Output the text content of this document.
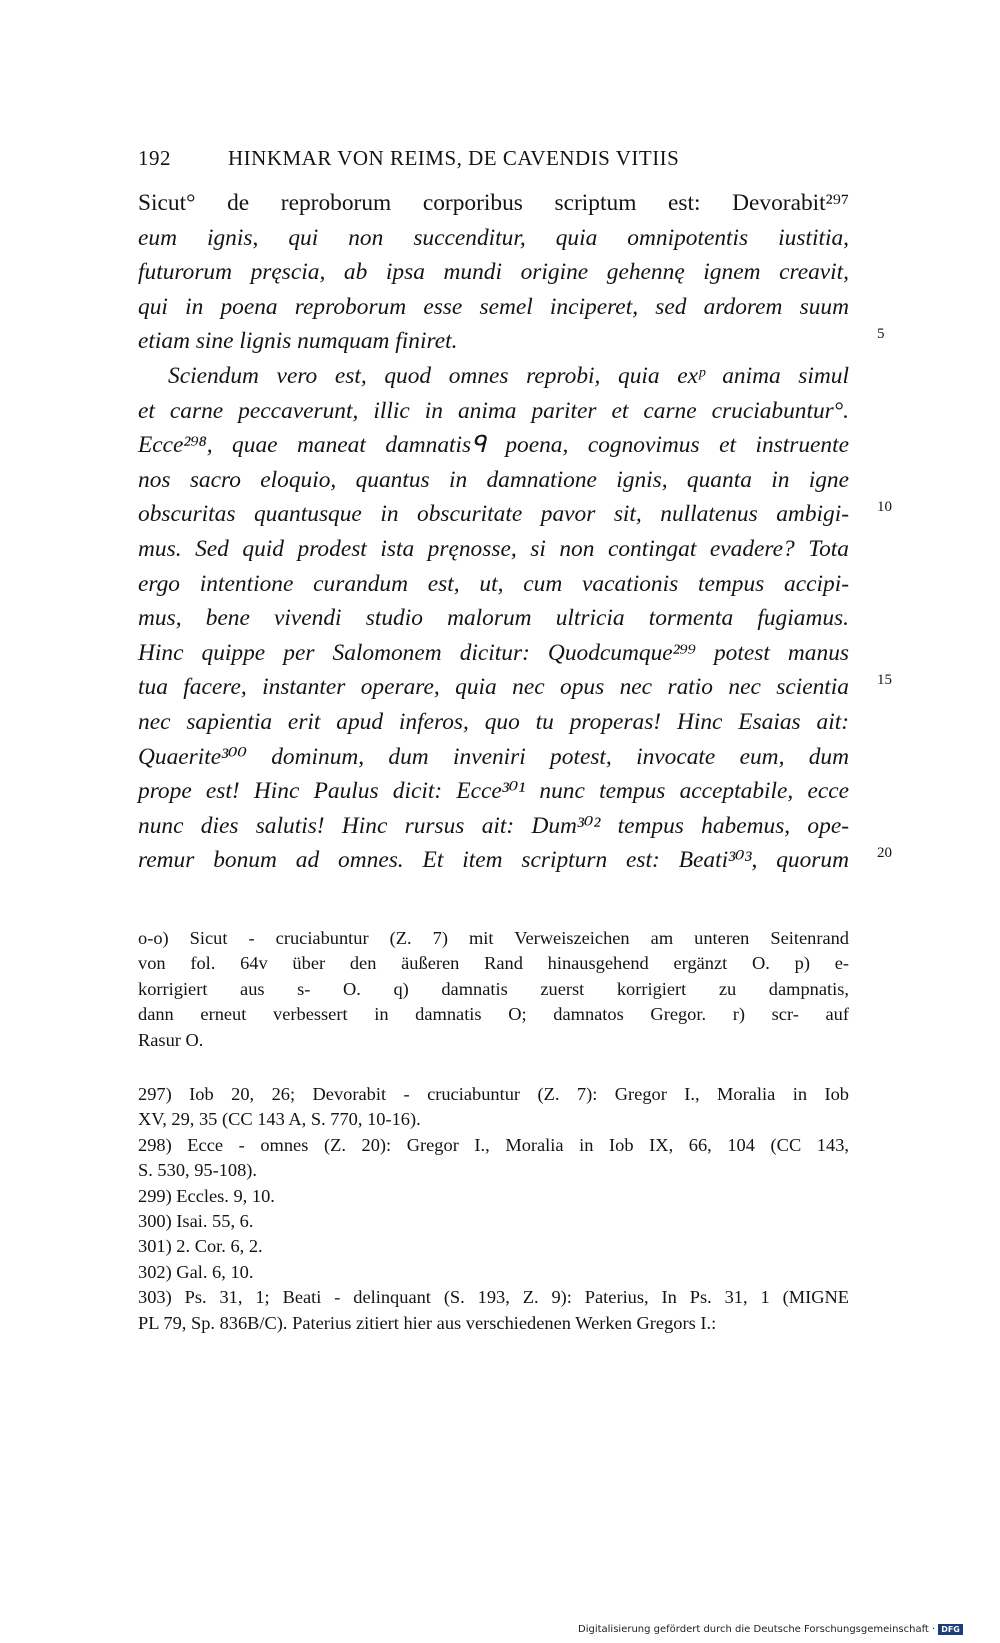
192	HINKMAR VON REIMS, DE CAVENDIS VITIIS
Sicut° de reproborum corporibus scriptum est: Devorabit²⁹⁷
eum ignis, qui non succenditur, quia omnipotentis iustitia,
futurorum pręscia, ab ipsa mundi origine gehennę ignem creavit,
qui in poena reproborum esse semel inciperet, sed ardorem suum
etiam sine lignis numquam finiret.
Sciendum vero est, quod omnes reprobi, quia exᵖ anima simul
et carne peccaverunt, illic in anima pariter et carne cruciabuntur°.
Ecce²⁹⁸, quae maneat damnatisᑫ poena, cognovimus et instruente
nos sacro eloquio, quantus in damnatione ignis, quanta in igne
obscuritas quantusque in obscuritate pavor sit, nullatenus ambigi-
mus. Sed quid prodest ista pręnosse, si non contingat evadere? Tota
ergo intentione curandum est, ut, cum vacationis tempus accipi-
mus, bene vivendi studio malorum ultricia tormenta fugiamus.
Hinc quippe per Salomonem dicitur: Quodcumque²⁹⁹ potest manus
tua facere, instanter operare, quia nec opus nec ratio nec scientia
nec sapientia erit apud inferos, quo tu properas! Hinc Esaias ait:
Quaerite³⁰⁰ dominum, dum inveniri potest, invocate eum, dum
prope est! Hinc Paulus dicit: Ecce³⁰¹ nunc tempus acceptabile, ecce
nunc dies salutis! Hinc rursus ait: Dum³⁰² tempus habemus, ope-
remur bonum ad omnes. Et item scripturn est: Beati³⁰³, quorum
5
10
15
20
o-o) Sicut - cruciabuntur (Z. 7) mit Verweiszeichen am unteren Seitenrand
von fol. 64v über den äußeren Rand hinausgehend ergänzt O. p) e-
korrigiert aus s- O. q) damnatis zuerst korrigiert zu dampnatis,
dann erneut verbessert in damnatis O; damnatos Gregor. r) scr- auf
Rasur O.
297) Iob 20, 26; Devorabit - cruciabuntur (Z. 7): Gregor I., Moralia in Iob
XV, 29, 35 (CC 143 A, S. 770, 10-16).
298) Ecce - omnes (Z. 20): Gregor I., Moralia in Iob IX, 66, 104 (CC 143,
S. 530, 95-108).
299) Eccles. 9, 10.
300) Isai. 55, 6.
301) 2. Cor. 6, 2.
302) Gal. 6, 10.
303) Ps. 31, 1; Beati - delinquant (S. 193, Z. 9): Paterius, In Ps. 31, 1 (MIGNE
PL 79, Sp. 836B/C). Paterius zitiert hier aus verschiedenen Werken Gregors I.:
Digitalisierung gefördert durch die Deutsche Forschungsgemeinschaft · DFG
